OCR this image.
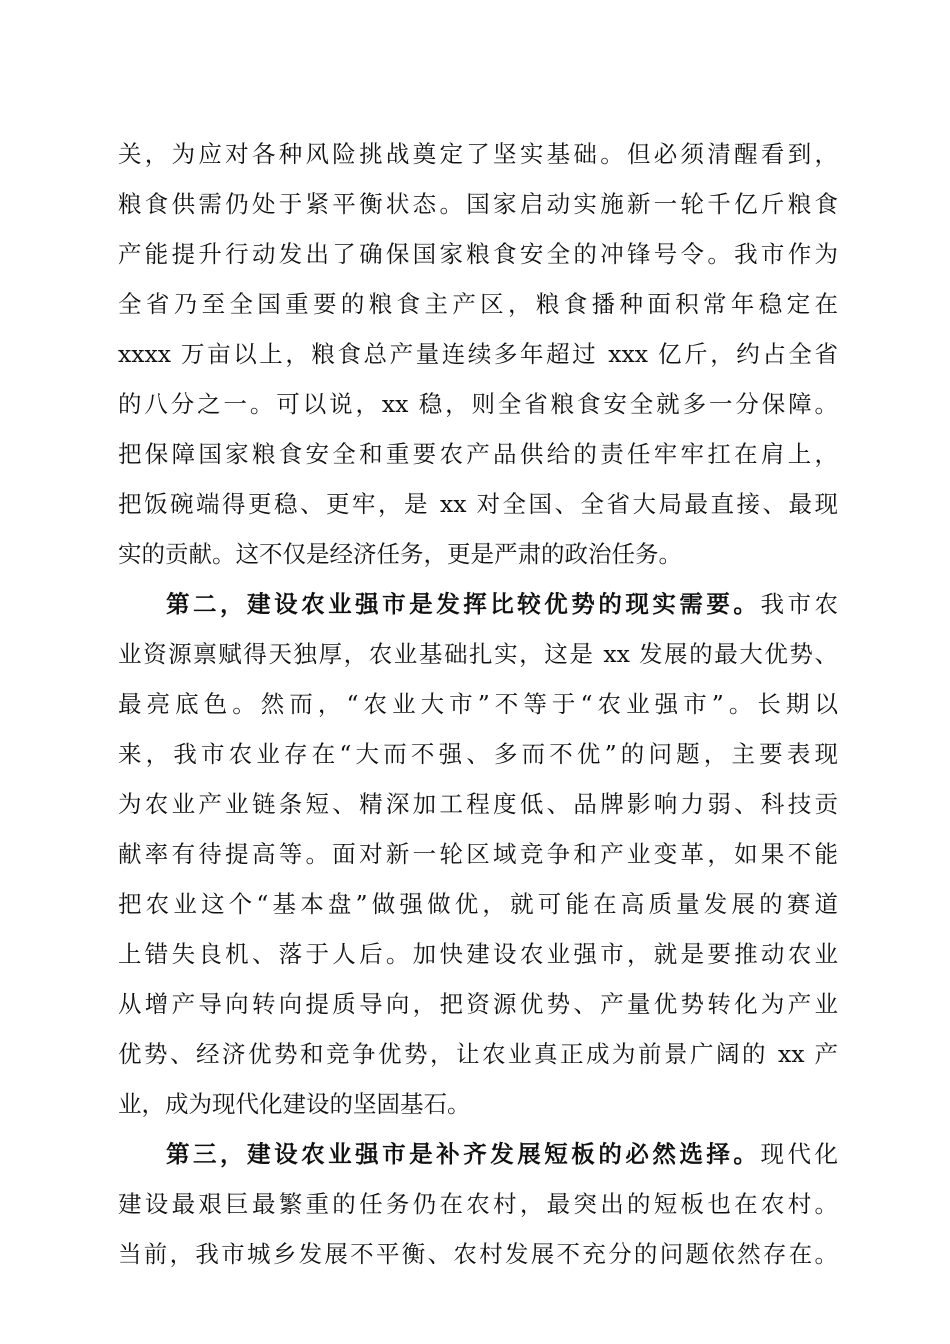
关，为应对各种风险挑战奠定了坚实基础。但必须清醒看到，
粮食供需仍处于紧平衡状态。国家启动实施新一轮千亿斤粮食
产能提升行动发出了确保国家粮食安全的冲锋号令。我市作为
全省乃至全国重要的粮食主产区，粮食播种面积常年稳定在
xxxx 万亩以上，粮食总产量连续多年超过 xxx 亿斤，约占全省
的八分之一。可以说，xx 稳，则全省粮食安全就多一分保障。
把保障国家粮食安全和重要农产品供给的责任牢牢扛在肩上，
把饭碗端得更稳、更牢，是 xx 对全国、全省大局最直接、最现
实的贡献。这不仅是经济任务，更是严肃的政治任务。
第二，建设农业强市是发挥比较优势的现实需要。我市农
业资源禀赋得天独厚，农业基础扎实，这是 xx 发展的最大优势、
最亮底色。然而，“农业大市”不等于“农业强市”。长期以
来，我市农业存在“大而不强、多而不优”的问题，主要表现
为农业产业链条短、精深加工程度低、品牌影响力弱、科技贡
献率有待提高等。面对新一轮区域竞争和产业变革，如果不能
把农业这个“基本盘”做强做优，就可能在高质量发展的赛道
上错失良机、落于人后。加快建设农业强市，就是要推动农业
从增产导向转向提质导向，把资源优势、产量优势转化为产业
优势、经济优势和竞争优势，让农业真正成为前景广阔的 xx 产
业，成为现代化建设的坚固基石。
第三，建设农业强市是补齐发展短板的必然选择。现代化
建设最艰巨最繁重的任务仍在农村，最突出的短板也在农村。
当前，我市城乡发展不平衡、农村发展不充分的问题依然存在。
